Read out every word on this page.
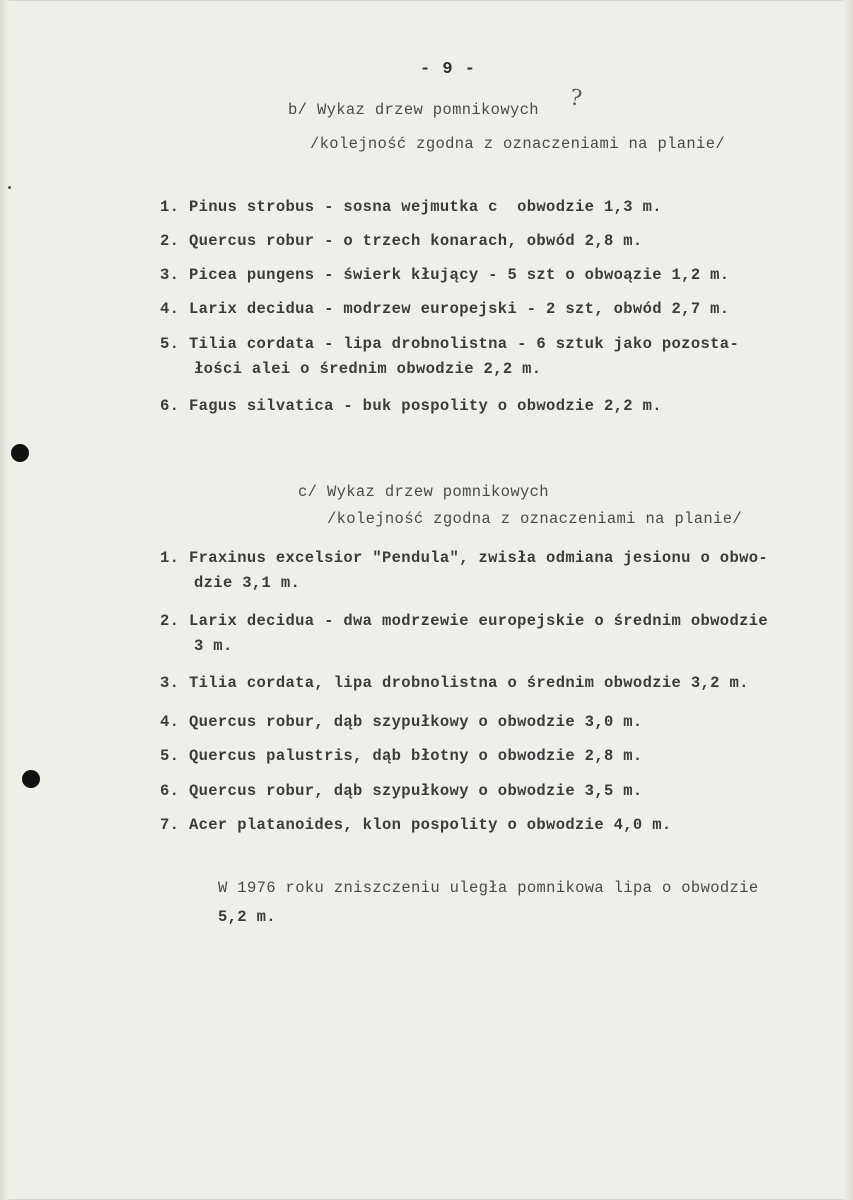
- 9 -
b/ Wykaz drzew pomnikowych ?
/kolejność zgodna z oznaczeniami na planie/
1. Pinus strobus - sosna wejmutka c  obwodzie 1,3 m.
2. Quercus robur - o trzech konarach, obwód 2,8 m.
3. Picea pungens - świerk kłujący - 5 szt o obwoązie 1,2 m.
4. Larix decidua - modrzew europejski - 2 szt, obwód 2,7 m.
5. Tilia cordata - lipa drobnolistna - 6 sztuk jako pozosta-
łości alei o średnim obwodzie 2,2 m.
6. Fagus silvatica - buk pospolity o obwodzie 2,2 m.
c/ Wykaz drzew pomnikowych
/kolejność zgodna z oznaczeniami na planie/
1. Fraxinus excelsior "Pendula", zwisła odmiana jesionu o obwo-
dzie 3,1 m.
2. Larix decidua - dwa modrzewie europejskie o średnim obwodzie
3 m.
3. Tilia cordata, lipa drobnolistna o średnim obwodzie 3,2 m.
4. Quercus robur, dąb szypułkowy o obwodzie 3,0 m.
5. Quercus palustris, dąb błotny o obwodzie 2,8 m.
6. Quercus robur, dąb szypułkowy o obwodzie 3,5 m.
7. Acer platanoides, klon pospolity o obwodzie 4,0 m.
W 1976 roku zniszczeniu uległa pomnikowa lipa o obwodzie
5,2 m.
